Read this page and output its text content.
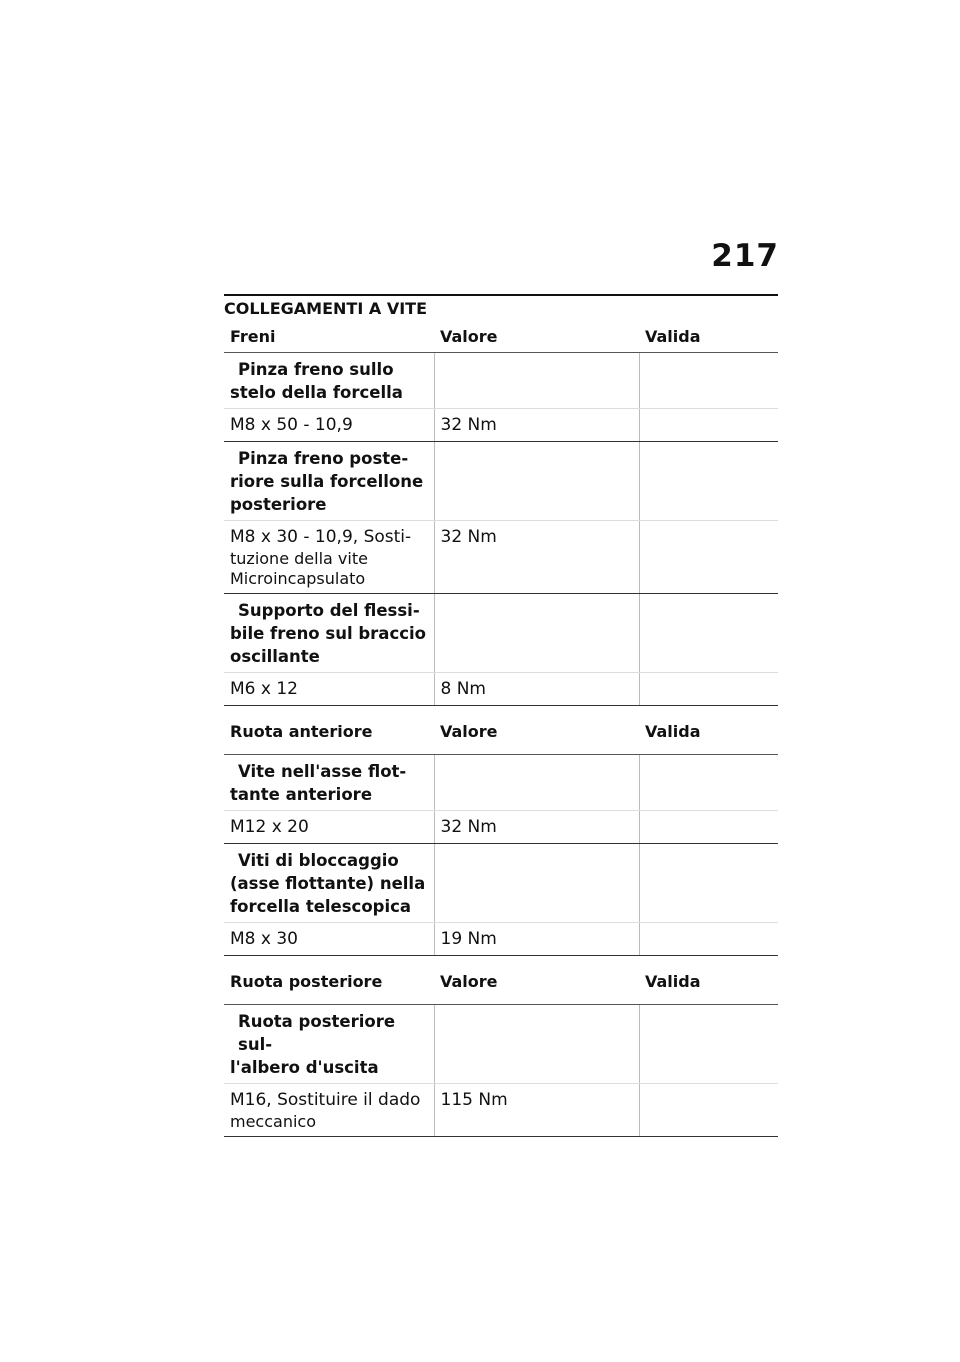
217
COLLEGAMENTI A VITE
Freni	Valore	Valida

Pinza freno sullo
stelo della forcella		

M8 x 50 - 10,9	32 Nm	

Pinza freno poste-
riore sulla forcellone
posteriore		

M8 x 30 - 10,9, Sosti-
tuzione della vite
Microincapsulato	32 Nm	

Supporto del flessi-
bile freno sul braccio
oscillante		

M6 x 12	8 Nm	
Ruota anteriore	Valore	Valida

Vite nell'asse flot-
tante anteriore		

M12 x 20	32 Nm	

Viti di bloccaggio
(asse flottante) nella
forcella telescopica		

M8 x 30	19 Nm	
Ruota posteriore	Valore	Valida

Ruota posteriore sul-
l'albero d'uscita		

M16, Sostituire il dado
meccanico	115 Nm	
